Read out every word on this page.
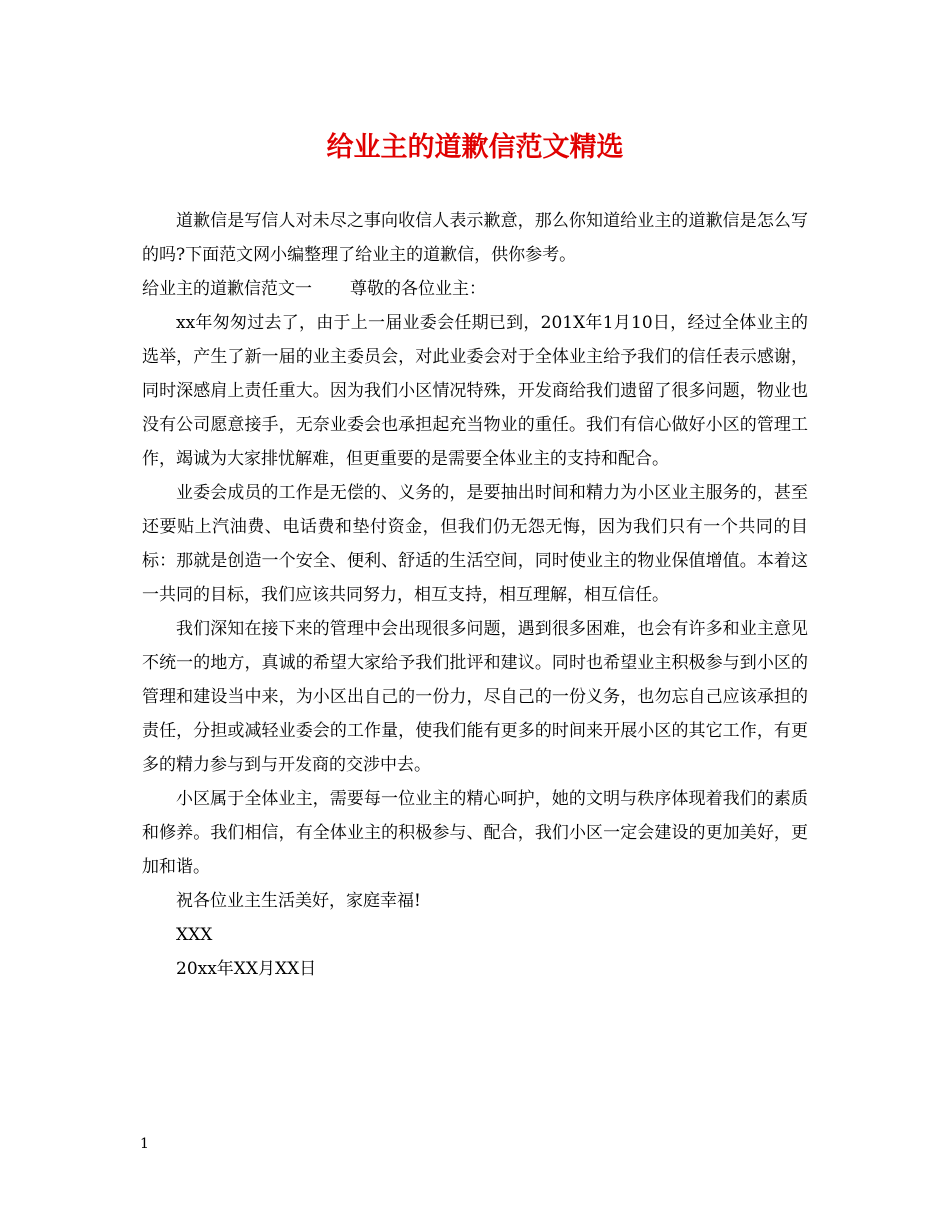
给业主的道歉信范文精选

道歉信是写信人对未尽之事向收信人表示歉意，那么你知道给业主的道歉信是怎么写的吗?下面范文网小编整理了给业主的道歉信，供你参考。

给业主的道歉信范文一 尊敬的各位业主：

xx年匆匆过去了，由于上一届业委会任期已到，201X年1月10日，经过全体业主的选举，产生了新一届的业主委员会，对此业委会对于全体业主给予我们的信任表示感谢，同时深感肩上责任重大。因为我们小区情况特殊，开发商给我们遗留了很多问题，物业也没有公司愿意接手，无奈业委会也承担起充当物业的重任。我们有信心做好小区的管理工作，竭诚为大家排忧解难，但更重要的是需要全体业主的支持和配合。

业委会成员的工作是无偿的、义务的，是要抽出时间和精力为小区业主服务的，甚至还要贴上汽油费、电话费和垫付资金，但我们仍无怨无悔，因为我们只有一个共同的目标：那就是创造一个安全、便利、舒适的生活空间，同时使业主的物业保值增值。本着这一共同的目标，我们应该共同努力，相互支持，相互理解，相互信任。

我们深知在接下来的管理中会出现很多问题，遇到很多困难，也会有许多和业主意见不统一的地方，真诚的希望大家给予我们批评和建议。同时也希望业主积极参与到小区的管理和建设当中来，为小区出自己的一份力，尽自己的一份义务，也勿忘自己应该承担的责任，分担或减轻业委会的工作量，使我们能有更多的时间来开展小区的其它工作，有更多的精力参与到与开发商的交涉中去。

小区属于全体业主，需要每一位业主的精心呵护，她的文明与秩序体现着我们的素质和修养。我们相信，有全体业主的积极参与、配合，我们小区一定会建设的更加美好，更加和谐。

祝各位业主生活美好，家庭幸福!

XXX

20xx年XX月XX日

1
